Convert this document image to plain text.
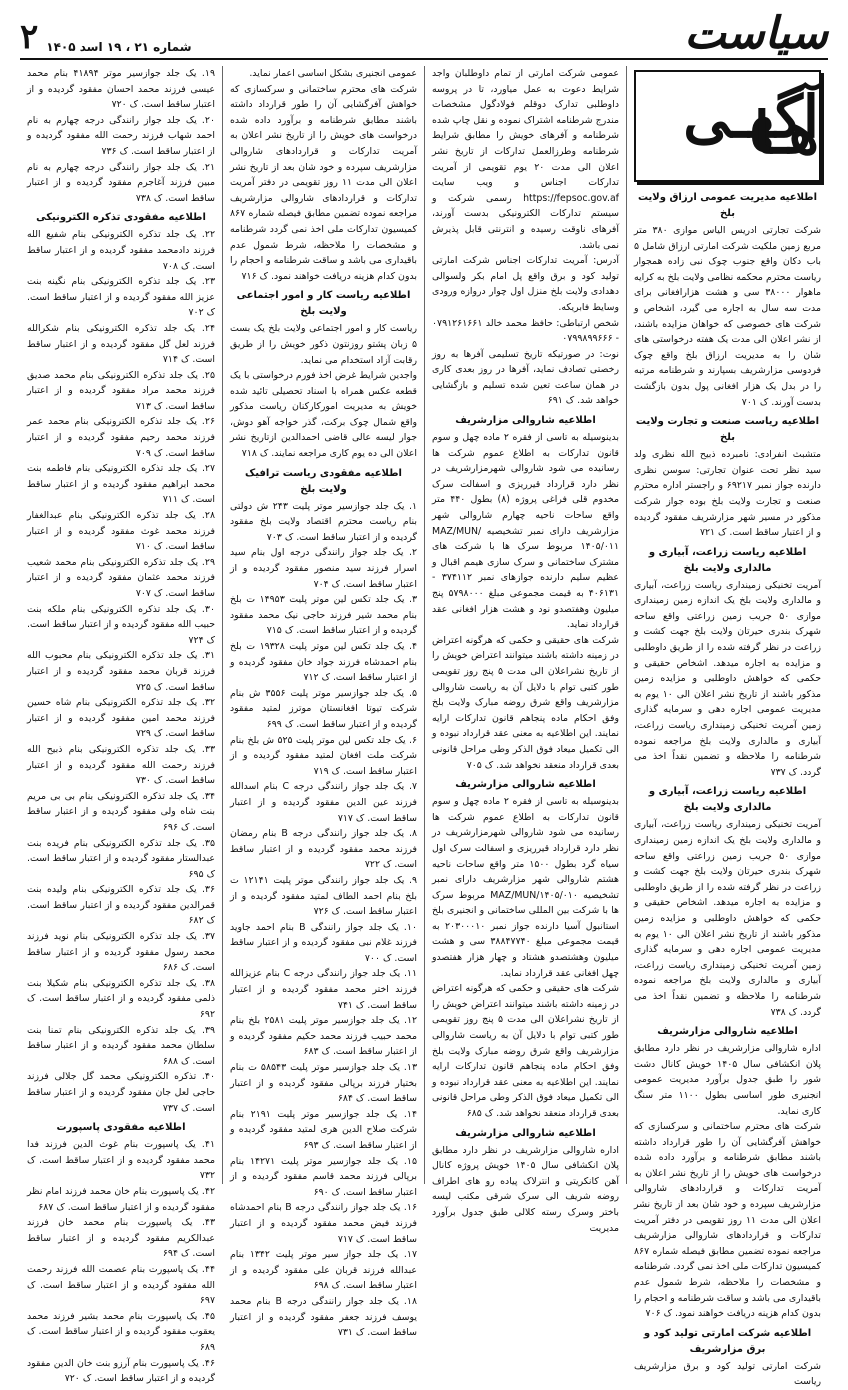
سیاست
شماره ۲۱ ، ۱۹ اسد ۱۴۰۵
۲
آگهـی هـا
اطلاعیه مدیریت عمومی ارزاق ولایت بلخ

شرکت تجارتی ادریس الیاس موازی ۳۸۰ متر مربع زمین ملکیت شرکت امارتی ارزاق شامل ۵ باب دکان واقع جنوب چوک نبی زاده همجوار ریاست محترم محکمه نظامی ولایت بلخ به کرایه ماهوار ۳۸۰۰۰ سی و هشت هزارافغانی برای مدت سه سال به اجاره می گیرد، اشخاص و شرکت های خصوصی که خواهان مزایده باشند، از نشر اعلان الی مدت یک هفته درخواستی های شان را به مدیریت ارزاق بلخ واقع چوک فردوسی مزارشریف بسپارند و شرطنامه مرتبه را در بدل یک هزار افغانی پول بدون بازگشت بدست آورند. ک ۷۰۱

اطلاعیه ریاست صنعت و تجارت ولایت بلخ

متشبث انفرادی: نامبرده ذبیح الله نظری ولد سید نظر تحت عنوان تجارتی: سوسن نظری دارنده جواز نمبر ۶۹۲۱۷ و راجستر اداره محترم صنعت و تجارت ولایت بلخ بوده جواز شرکت مذکور در مسیر شهر مزارشریف مفقود گردیده و از اعتبار ساقط است. ک ۷۲۱

اطلاعیه ریاست زراعت، آبیاری و مالداری ولایت بلخ

آمریت تخنیکی زمینداری ریاست زراعت، آبیاری و مالداری ولایت بلخ یک اندازه زمین زمینداری موازی ۵۰ جریب زمین زراعتی واقع ساحه شهرک بندری حیرتان ولایت بلخ جهت کشت و زراعت در نظر گرفته شده را از طریق داوطلبی و مزایده به اجاره میدهد. اشخاص حقیقی و حکمی که خواهش داوطلبی و مزایده زمین مذکور باشند از تاریخ نشر اعلان الی ۱۰ یوم به مدیریت عمومی اجاره دهی و سرمایه گذاری زمین آمریت تخنیکی زمینداری ریاست زراعت، آبیاری و مالداری ولایت بلخ مراجعه نموده شرطنامه را ملاحظه و تضمین نقداً اخذ می گردد. ک ۷۳۷

اطلاعیه ریاست زراعت، آبیاری و مالداری ولایت بلخ

آمریت تخنیکی زمینداری ریاست زراعت، آبیاری و مالداری ولایت بلخ یک اندازه زمین زمینداری موازی ۵۰ جریب زمین زراعتی واقع ساحه شهرک بندری حیرتان ولایت بلخ جهت کشت و زراعت در نظر گرفته شده را از طریق داوطلبی و مزایده به اجاره میدهد. اشخاص حقیقی و حکمی که خواهش داوطلبی و مزایده زمین مذکور باشند از تاریخ نشر اعلان الی ۱۰ یوم به مدیریت عمومی اجاره دهی و سرمایه گذاری زمین آمریت تخنیکی زمینداری ریاست زراعت، آبیاری و مالداری ولایت بلخ مراجعه نموده شرطنامه را ملاحظه و تضمین نقداً اخذ می گردد. ک ۷۳۸

اطلاعیه شاروالی مزارشریف

اداره شاروالی مزارشریف در نظر دارد مطابق پلان انکشافی سال ۱۴۰۵ خویش کانال دشت شور را طبق جدول برآورد مدیریت عمومی انجنیری طور اساسی بطول ۱۱۰۰ متر سنگ کاری نماید.

شرکت های محترم ساختمانی و سرکسازی که خواهش آفرگشایی آن را طور قرارداد داشته باشند مطابق شرطنامه و برآورد داده شده درخواست های خویش را از تاریخ نشر اعلان به آمریت تدارکات و قراردادهای شاروالی مزارشریف سپرده و خود شان بعد از تاریخ نشر اعلان الی مدت ۱۱ روز تقویمی در دفتر آمریت تدارکات و قراردادهای شاروالی مزارشریف مراجعه نموده تضمین مطابق فیصله شماره ۸۶۷ کمیسیون تدارکات ملی اخذ نمی گردد. شرطنامه و مشخصات را ملاحظه، شرط شمول عدم باقیداری می باشد و ساقت شرطنامه و احجام را بدون کدام هزینه دریافت خواهند نمود. ک ۷۰۶

اطلاعیه شرکت امارتی تولید کود و برق مزارشریف

شرکت امارتی تولید کود و برق مزارشریف ریاست

عمومی شرکت امارتی از تمام داوطلبان واجد شرایط دعوت به عمل میاورد، تا در پروسه داوطلبی تدارک دوقلم فولادگول مشخصات مندرج شرطنامه اشتراک نموده و نقل چاپ شده شرطنامه و آفرهای خویش را مطابق شرایط شرطنامه وطرزالعمل تدارکات از تاریخ نشر اعلان الی مدت ۲۰ یوم تقویمی از آمریت تدارکات اجناس و ویب سایت https://fepsoc.gov.af رسمی شرکت و سیستم تدارکات الکترونیکی بدست آورند، آفرهای ناوقت رسیده و انترنتی قابل پذیرش نمی باشد.

آدرس: آمریت تدارکات اجناس شرکت امارتی تولید کود و برق واقع پل امام بکر ولسوالی دهدادی ولایت بلخ منزل اول چوار دروازه ورودی وسایط فابریکه.

شخص ارتباطی: حافظ محمد خالد ۰۷۹۱۲۶۱۶۶۱ - ۰۷۹۹۸۹۹۶۶۶

نوت: در صورتیکه تاریخ تسلیمی آفرها به روز رخصتی تصادف نماید، آفرها در روز بعدی کاری در همان ساعت تعین شده تسلیم و بازگشایی خواهد شد. ک ۶۹۱

اطلاعیه شاروالی مزارشریف

بدینوسیله به تاسی از فقره ۲ ماده چهل و سوم قانون تدارکات به اطلاع عموم شرکت ها رسانیده می شود شاروالی شهرمزارشریف در نظر دارد قرارداد قیرریزی و اسفالت سرک مخدوم قلی فراغی پروژه (۸) بطول ۴۴۰ متر واقع ساحات ناحیه چهارم شاروالی شهر مزارشریف دارای نمبر تشخیصیه MAZ/MUN/۱۴۰۵/۰۱۱ مربوط سرک ها با شرکت های مشترک ساختمانی و سرک سازی هیمم اقبال و عظیم سلیم دارنده جوازهای نمبر ۳۷۴۱۱۲ - ۴۰۶۱۳۱ به قیمت مجموعی مبلغ ۵۷۹۸۰۰۰ پنج میلیون وهفتصدو نود و هشت هزار افغانی عقد قرارداد نماید.

شرکت های حقیقی و حکمی که هرگونه اعتراض در زمینه داشته باشند میتوانند اعتراض خویش را از تاریخ نشراعلان الی مدت ۵ پنج روز تقویمی طور کتبی توام با دلایل آن به ریاست شاروالی مزارشریف واقع شرق روضه مبارک ولایت بلخ وفق احکام ماده پنجاهم قانون تدارکات ارایه نمایند. این اطلاعیه به معنی عقد قرارداد نبوده و الی تکمیل میعاد فوق الذکر وطی مراحل قانونی بعدی قرارداد منعقد نخواهد شد. ک ۷۰۵

اطلاعیه شاروالی مزارشریف

بدینوسیله به تاسی از فقره ۲ ماده چهل و سوم قانون تدارکات به اطلاع عموم شرکت ها رسانیده می شود شاروالی شهرمزارشریف در نظر دارد قرارداد قیرریزی و اسفالت سرک اول سیاه گرد بطول ۱۵۰۰ متر واقع ساحات ناحیه هشتم شاروالی شهر مزارشریف دارای نمبر تشخیصیه MAZ/MUN/۱۴۰۵/۰۱۰ مربوط سرک ها با شرکت بین المللی ساختمانی و انجنیری بلخ استانبول آسیا دارنده جواز نمبر ۲۰۳۰۰۰۱۰ به قیمت مجموعی مبلغ ۳۸۸۴۷۷۴۰ سی و هشت میلیون وهشتصدو هشتاد و چهار هزار هفتصدو چهل افغانی عقد قرارداد نماید.

شرکت های حقیقی و حکمی که هرگونه اعتراض در زمینه داشته باشند میتوانند اعتراض خویش را از تاریخ نشراعلان الی مدت ۵ پنج روز تقویمی طور کتبی توام با دلایل آن به ریاست شاروالی مزارشریف واقع شرق روضه مبارک ولایت بلخ وفق احکام ماده پنجاهم قانون تدارکات ارایه نمایند. این اطلاعیه به معنی عقد قرارداد نبوده و الی تکمیل میعاد فوق الذکر وطی مراحل قانونی بعدی قرارداد منعقد نخواهد شد. ک ۶۸۵

اطلاعیه شاروالی مزارشریف

اداره شاروالی مزارشریف در نظر دارد مطابق پلان انکشافی سال ۱۴۰۵ خویش پروژه کانال آهن کانکریتی و انترلاک پیاده رو های اطراف روضه شریف الی سرک شرقی مکتب لیسه باختر وسرک رسته کلالی طبق جدول برآورد مدیریت

عمومی انجنیری بشکل اساسی اعمار نماید.

شرکت های محترم ساختمانی و سرکسازی که خواهش آفرگشایی آن را طور قرارداد داشته باشند مطابق شرطنامه و برآورد داده شده درخواست های خویش را از تاریخ نشر اعلان به آمریت تدارکات و قراردادهای شاروالی مزارشریف سپرده و خود شان بعد از تاریخ نشر اعلان الی مدت ۱۱ روز تقویمی در دفتر آمریت تدارکات و قراردادهای شاروالی مزارشریف مراجعه نموده تضمین مطابق فیصله شماره ۸۶۷ کمیسیون تدارکات ملی اخذ نمی گردد شرطنامه و مشخصات را ملاحظه، شرط شمول عدم باقیداری می باشد و ساقت شرطنامه و احجام را بدون کدام هزینه دریافت خواهند نمود. ک ۷۱۶

اطلاعیه ریاست کار و امور اجتماعی ولایت بلخ

ریاست کار و امور اجتماعی ولایت بلخ یک بست ۵ زبان پشتو روزنتون ذکور خویش را از طریق رقابت آزاد استخدام می نماید.

واجدین شرایط غرض اخذ فورم درخواستی با یک قطعه عکس همراه با اسناد تحصیلی تائید شده خویش به مدیریت امورکارکنان ریاست مذکور واقع شمال چوک برکت، گذر خواجه آهو دوش، جوار لیسه عالی قاضی احمدالدین ازتاریخ نشر اعلان الی ده یوم کاری مراجعه نمایند. ک ۷۱۸

اطلاعیه مفقودی ریاست ترافیک ولایت بلخ

۱. یک جلد جوازسیر موتر پلیت ۲۴۳ ش دولتی بنام ریاست محترم اقتصاد ولایت بلخ مفقود گردیده و از اعتبار ساقط است. ک ۷۰۳

۲. یک جلد جواز رانندگی درجه اول بنام سید اسرار فرزند سید منصور مفقود گردیده و از اعتبار ساقط است. ک ۷۰۴

۳. یک جلد تکس لین موتر پلیت ۱۴۹۵۳ ت بلخ بنام محمد شیر فرزند حاجی نیک محمد مفقود گردیده و از اعتبار ساقط است. ک ۷۱۵

۴. یک جلد تکس لین موتر پلیت ۱۹۳۲۸ ت بلخ بنام احمدشاه فرزند جواد خان مفقود گردیده و از اعتبار ساقط است. ک ۷۱۲

۵. یک جلد جوازسیر موتر پلیت ۳۵۵۶ ش بنام شرکت تیوتا افغانستان موترز لمتید مفقود گردیده و از اعتبار ساقط است. ک ۶۹۹

۶. یک جلد تکس لین موتر پلیت ۵۲۵ ش بلخ بنام شرکت ملت افغان لمتید مفقود گردیده و از اعتبار ساقط است. ک ۷۱۹

۷. یک جلد جواز رانندگی درجه C بنام اسدالله فرزند عین الدین مفقود گردیده و از اعتبار ساقط است. ک ۷۱۷

۸. یک جلد جواز رانندگی درجه B بنام رمضان فرزند محمد مفقود گردیده و از اعتبار ساقط است. ک ۷۲۲

۹. یک جلد جواز رانندگی موتر پلیت ۱۲۱۴۱ ت بلخ بنام احمد الطاف لمتید مفقود گردیده و از اعتبار ساقط است. ک ۷۲۶

۱۰. یک جلد جواز رانندگی B بنام احمد جاوید فرزند غلام نبی مفقود گردیده و از اعتبار ساقط است. ک ۷۰۰

۱۱. یک جلد جواز رانندگی درجه C بنام عزیزالله فرزند اختر محمد مفقود گردیده و از اعتبار ساقط است. ک ۷۴۱

۱۲. یک جلد جوازسیر موتر پلیت ۲۵۸۱ بلخ بنام محمد حبیب فرزند محمد حکیم مفقود گردیده و از اعتبار ساقط است. ک ۶۸۳

۱۳. یک جلد جوازسیر موتر پلیت ۵۸۵۴۳ ت بنام بختیار فرزند برپالی مفقود گردیده و از اعتبار ساقط است. ک ۶۸۴

۱۴. یک جلد جوازسیر موتر پلیت ۲۱۹۱ بنام شرکت صلاح الدین هری لمتید مفقود گردیده و از اعتبار ساقط است. ک ۶۹۳

۱۵. یک جلد جوازسیر موتر پلیت ۱۴۲۷۱ بنام برپالی فرزند محمد قاسم مفقود گردیده و از اعتبار ساقط است. ک ۶۹۰

۱۶. یک جلد جواز رانندگی درجه B بنام احمدشاه فرزند فیض محمد مفقود گردیده و از اعتبار ساقط است. ک ۷۱۷

۱۷. یک جلد جواز سیر موتر پلیت ۱۳۴۲ بنام عبدالله فرزند قربان علی مفقود گردیده و از اعتبار ساقط است. ک ۶۹۸

۱۸. یک جلد جواز رانندگی درجه B بنام محمد یوسف فرزند جعفر مفقود گردیده و از اعتبار ساقط است. ک ۷۳۱

۱۹. یک جلد جوازسیر موتر ۴۱۸۹۴ بنام محمد عیسی فرزند محمد احسان مفقود گردیده و از اعتبار ساقط است. ک ۷۲۰

۲۰. یک جلد جواز رانندگی درجه چهارم به نام احمد شهاب فرزند رحمت الله مفقود گردیده و از اعتبار ساقط است. ک ۷۳۶

۲۱. یک جلد جواز رانندگی درجه چهارم به نام مبین فرزند آغاجرم مفقود گردیده و از اعتبار ساقط است. ک ۷۳۸

اطلاعیه مفقودی تذکره الکترونیکی

۲۲. یک جلد تذکره الکترونیکی بنام شفیع الله فرزند دادمحمد مفقود گردیده و از اعتبار ساقط است. ک ۷۰۸

۲۳. یک جلد تذکره الکترونیکی بنام نگینه بنت عزیز الله مفقود گردیده و از اعتبار ساقط است. ک ۷۰۲

۲۴. یک جلد تذکره الکترونیکی بنام شکرالله فرزند لعل گل مفقود گردیده و از اعتبار ساقط است. ک ۷۱۴

۲۵. یک جلد تذکره الکترونیکی بنام محمد صدیق فرزند محمد مراد مفقود گردیده و از اعتبار ساقط است. ک ۷۱۳

۲۶. یک جلد تذکره الکترونیکی بنام محمد عمر فرزند محمد رحیم مفقود گردیده و از اعتبار ساقط است. ک ۷۰۹

۲۷. یک جلد تذکره الکترونیکی بنام فاطمه بنت محمد ابراهیم مفقود گردیده و از اعتبار ساقط است. ک ۷۱۱

۲۸. یک جلد تذکره الکترونیکی بنام عبدالغفار فرزند محمد غوث مفقود گردیده و از اعتبار ساقط است. ک ۷۱۰

۲۹. یک جلد تذکره الکترونیکی بنام محمد شعیب فرزند محمد عثمان مفقود گردیده و از اعتبار ساقط است. ک ۷۰۷

۳۰. یک جلد تذکره الکترونیکی بنام ملکه بنت حبیب الله مفقود گردیده و از اعتبار ساقط است. ک ۷۲۴

۳۱. یک جلد تذکره الکترونیکی بنام محبوب الله فرزند قربان محمد مفقود گردیده و از اعتبار ساقط است. ک ۷۲۵

۳۲. یک جلد تذکره الکترونیکی بنام شاه حسین فرزند محمد امین مفقود گردیده و از اعتبار ساقط است. ک ۷۲۹

۳۳. یک جلد تذکره الکترونیکی بنام ذبیح الله فرزند رحمت الله مفقود گردیده و از اعتبار ساقط است. ک ۷۳۰

۳۴. یک جلد تذکره الکترونیکی بنام بی بی مریم بنت شاه ولی مفقود گردیده و از اعتبار ساقط است. ک ۶۹۶

۳۵. یک جلد تذکره الکترونیکی بنام فریده بنت عبدالستار مفقود گردیده و از اعتبار ساقط است. ک ۶۹۵

۳۶. یک جلد تذکره الکترونیکی بنام ولیده بنت قمرالدین مفقود گردیده و از اعتبار ساقط است. ک ۶۸۲

۳۷. یک جلد تذکره الکترونیکی بنام نوید فرزند محمد رسول مفقود گردیده و از اعتبار ساقط است. ک ۶۸۶

۳۸. یک جلد تذکره الکترونیکی بنام شکیلا بنت ذلمی مفقود گردیده و از اعتبار ساقط است. ک ۶۹۲

۳۹. یک جلد تذکره الکترونیکی بنام تمنا بنت سلطان محمد مفقود گردیده و از اعتبار ساقط است. ک ۶۸۸

۴۰. تذکره الکترونیکی محمد گل جلالی فرزند حاجی لعل جان مفقود گردیده و از اعتبار ساقط است. ک ۷۳۷

اطلاعیه مفقودی پاسپورت

۴۱. یک پاسپورت بنام غوث الدین فرزند فدا محمد مفقود گردیده و از اعتبار ساقط است. ک ۷۳۲

۴۲. یک پاسپورت بنام خان محمد فرزند امام نظر مفقود گردیده و از اعتبار ساقط است. ک ۶۸۷

۴۳. یک پاسپورت بنام محمد خان فرزند عبدالکریم مفقود گردیده و از اعتبار ساقط است. ک ۶۹۴

۴۴. یک پاسپورت بنام عصمت الله فرزند رحمت الله مفقود گردیده و از اعتبار ساقط است. ک ۶۹۷

۴۵. یک پاسپورت بنام محمد بشیر فرزند محمد یعقوب مفقود گردیده و از اعتبار ساقط است. ک ۶۸۹

۴۶. یک پاسپورت بنام آرزو بنت خان الدین مفقود گردیده و از اعتبار ساقط است. ک ۷۲۰
